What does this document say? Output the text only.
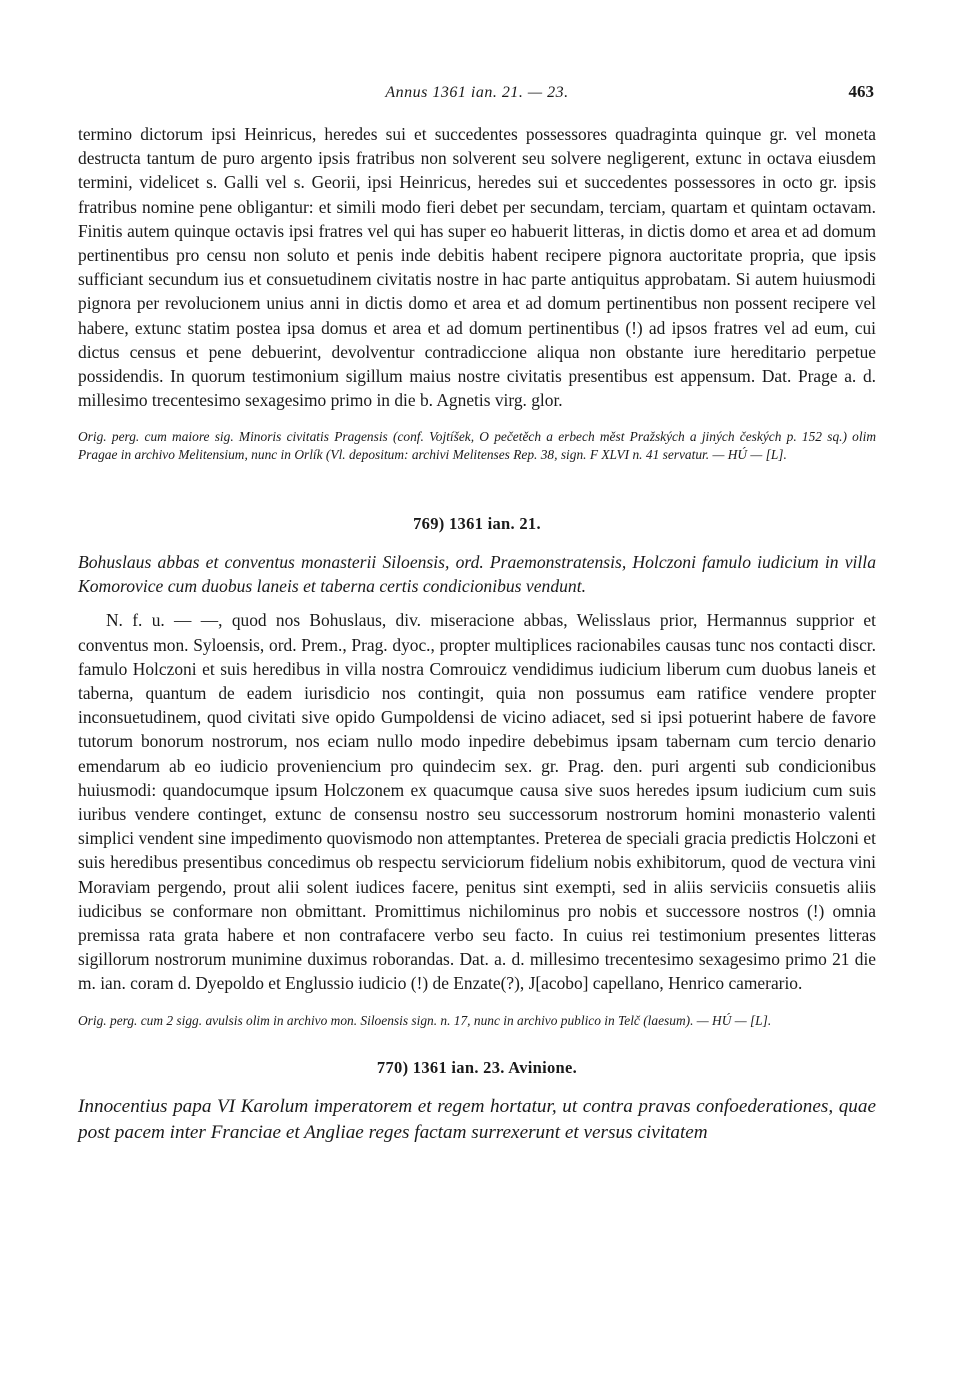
Annus 1361 ian. 21. — 23.	463

termino dictorum ipsi Heinricus, heredes sui et succedentes possessores quadraginta quinque gr. vel moneta destructa tantum de puro argento ipsis fratribus non solverent seu solvere negligerent, extunc in octava eiusdem termini, videlicet s. Galli vel s. Georii, ipsi Heinricus, heredes sui et succedentes possessores in octo gr. ipsis fratribus nomine pene obligantur: et simili modo fieri debet per secundam, terciam, quartam et quintam octavam. Finitis autem quinque octavis ipsi fratres vel qui has super eo habuerit litteras, in dictis domo et area et ad domum pertinentibus pro censu non soluto et penis inde debitis habent recipere pignora auctoritate propria, que ipsis sufficiant secundum ius et consuetudinem civitatis nostre in hac parte antiquitus approbatam. Si autem huiusmodi pignora per revolucionem unius anni in dictis domo et area et ad domum pertinentibus non possent recipere vel habere, extunc statim postea ipsa domus et area et ad domum pertinentibus (!) ad ipsos fratres vel ad eum, cui dictus census et pene debuerint, devolventur contradiccione aliqua non obstante iure hereditario perpetue possidendis. In quorum testimonium sigillum maius nostre civitatis presentibus est appensum. Dat. Prage a. d. millesimo trecentesimo sexagesimo primo in die b. Agnetis virg. glor.

Orig. perg. cum maiore sig. Minoris civitatis Pragensis (conf. Vojtíšek, O pečetěch a erbech měst Pražských a jiných českých p. 152 sq.) olim Pragae in archivo Melitensium, nunc in Orlík (Vl. depositum: archivi Melitenses Rep. 38, sign. F XLVI n. 41 servatur. — HÚ — [L].

769) 1361 ian. 21.

Bohuslaus abbas et conventus monasterii Siloensis, ord. Praemonstratensis, Holczoni famulo iudicium in villa Komorovice cum duobus laneis et taberna certis condicionibus vendunt.

N. f. u. — —, quod nos Bohuslaus, div. miseracione abbas, Welisslaus prior, Hermannus supprior et conventus mon. Syloensis, ord. Prem., Prag. dyoc., propter multiplices racionabiles causas tunc nos contacti discr. famulo Holczoni et suis heredibus in villa nostra Comrouicz vendidimus iudicium liberum cum duobus laneis et taberna, quantum de eadem iurisdicio nos contingit, quia non possumus eam ratifice vendere propter inconsuetudinem, quod civitati sive opido Gumpoldensi de vicino adiacet, sed si ipsi potuerint habere de favore tutorum bonorum nostrorum, nos eciam nullo modo inpedire debebimus ipsam tabernam cum tercio denario emendarum ab eo iudicio proveniencium pro quindecim sex. gr. Prag. den. puri argenti sub condicionibus huiusmodi: quandocumque ipsum Holczonem ex quacumque causa sive suos heredes ipsum iudicium cum suis iuribus vendere continget, extunc de consensu nostro seu successorum nostrorum homini monasterio valenti simplici vendent sine impedimento quovismodo non attemptantes. Preterea de speciali gracia predictis Holczoni et suis heredibus presentibus concedimus ob respectu serviciorum fidelium nobis exhibitorum, quod de vectura vini Moraviam pergendo, prout alii solent iudices facere, penitus sint exempti, sed in aliis serviciis consuetis aliis iudicibus se conformare non obmittant. Promittimus nichilominus pro nobis et successore nostros (!) omnia premissa rata grata habere et non contrafacere verbo seu facto. In cuius rei testimonium presentes litteras sigillorum nostrorum munimine duximus roborandas. Dat. a. d. millesimo trecentesimo sexagesimo primo 21 die m. ian. coram d. Dyepoldo et Englussio iudicio (!) de Enzate(?), J[acobo] capellano, Henrico camerario.

Orig. perg. cum 2 sigg. avulsis olim in archivo mon. Siloensis sign. n. 17, nunc in archivo publico in Telč (laesum). — HÚ — [L].

770) 1361 ian. 23. Avinione.

Innocentius papa VI Karolum imperatorem et regem hortatur, ut contra pravas confoederationes, quae post pacem inter Franciae et Angliae reges factam surrexerunt et versus civitatem
